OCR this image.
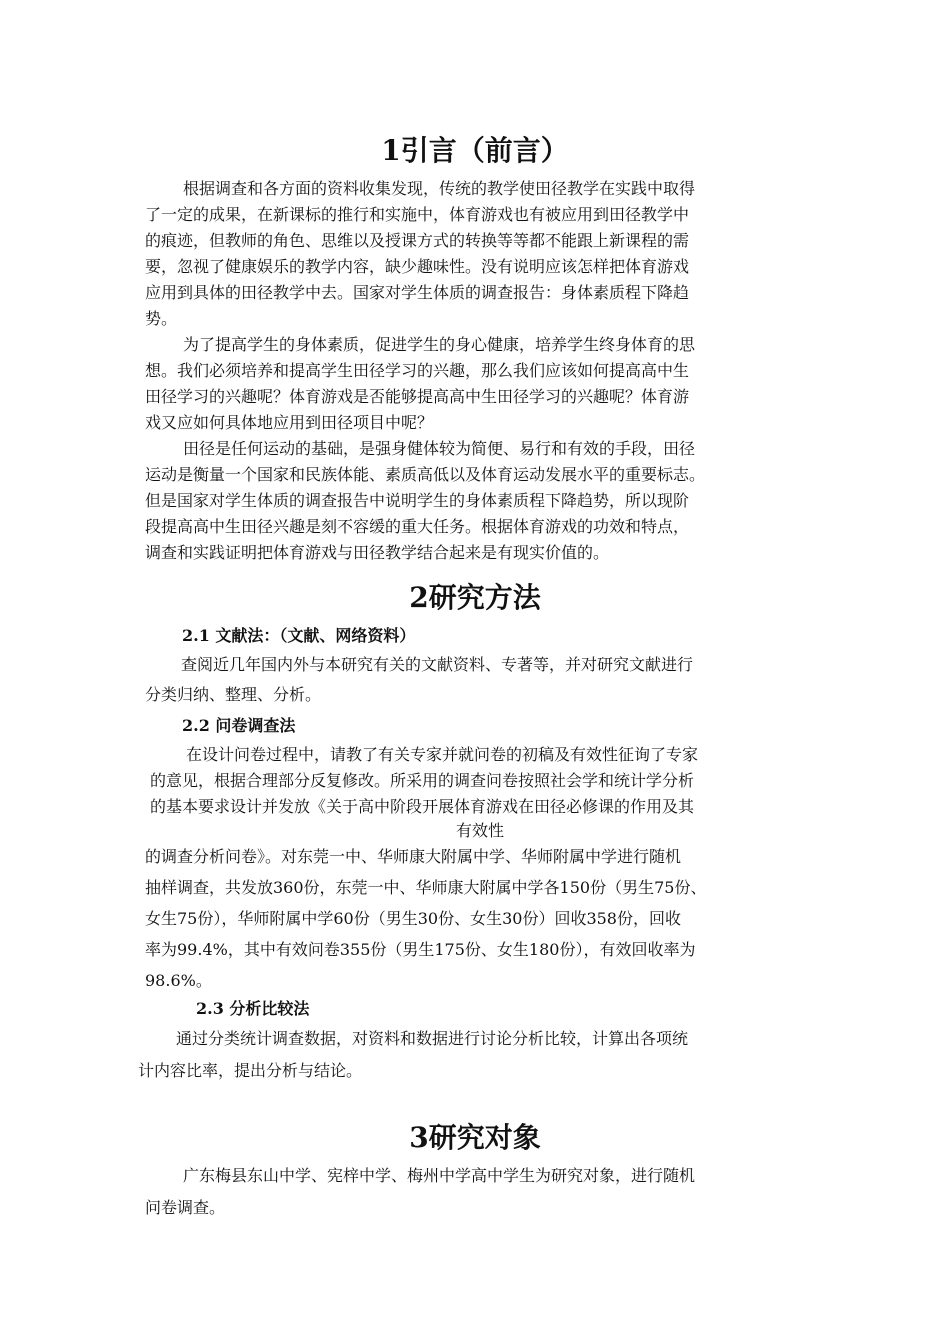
1引言（前言）
根据调查和各方面的资料收集发现，传统的教学使田径教学在实践中取得
了一定的成果，在新课标的推行和实施中，体育游戏也有被应用到田径教学中
的痕迹，但教师的角色、思维以及授课方式的转换等等都不能跟上新课程的需
要，忽视了健康娱乐的教学内容，缺少趣味性。没有说明应该怎样把体育游戏
应用到具体的田径教学中去。国家对学生体质的调查报告：身体素质程下降趋
势。
为了提高学生的身体素质，促进学生的身心健康，培养学生终身体育的思
想。我们必须培养和提高学生田径学习的兴趣，那么我们应该如何提高高中生
田径学习的兴趣呢？体育游戏是否能够提高高中生田径学习的兴趣呢？体育游
戏又应如何具体地应用到田径项目中呢？
田径是任何运动的基础，是强身健体较为简便、易行和有效的手段，田径
运动是衡量一个国家和民族体能、素质高低以及体育运动发展水平的重要标志。
但是国家对学生体质的调查报告中说明学生的身体素质程下降趋势，所以现阶
段提高高中生田径兴趣是刻不容缓的重大任务。根据体育游戏的功效和特点，
调查和实践证明把体育游戏与田径教学结合起来是有现实价值的。
2研究方法
2.1 文献法：（文献、网络资料）
查阅近几年国内外与本研究有关的文献资料、专著等，并对研究文献进行
分类归纳、整理、分析。
2.2 问卷调查法
在设计问卷过程中，请教了有关专家并就问卷的初稿及有效性征询了专家
的意见，根据合理部分反复修改。所采用的调查问卷按照社会学和统计学分析
的基本要求设计并发放《关于高中阶段开展体育游戏在田径必修课的作用及其
有效性
的调查分析问卷》。对东莞一中、华师康大附属中学、华师附属中学进行随机
抽样调查，共发放360份，东莞一中、华师康大附属中学各150份（男生75份、
女生75份），华师附属中学60份（男生30份、女生30份）回收358份，回收
率为99.4%，其中有效问卷355份（男生175份、女生180份），有效回收率为
98.6%。
2.3 分析比较法
通过分类统计调查数据，对资料和数据进行讨论分析比较，计算出各项统
计内容比率，提出分析与结论。
3研究对象
广东梅县东山中学、宪梓中学、梅州中学高中学生为研究对象，进行随机
问卷调查。
